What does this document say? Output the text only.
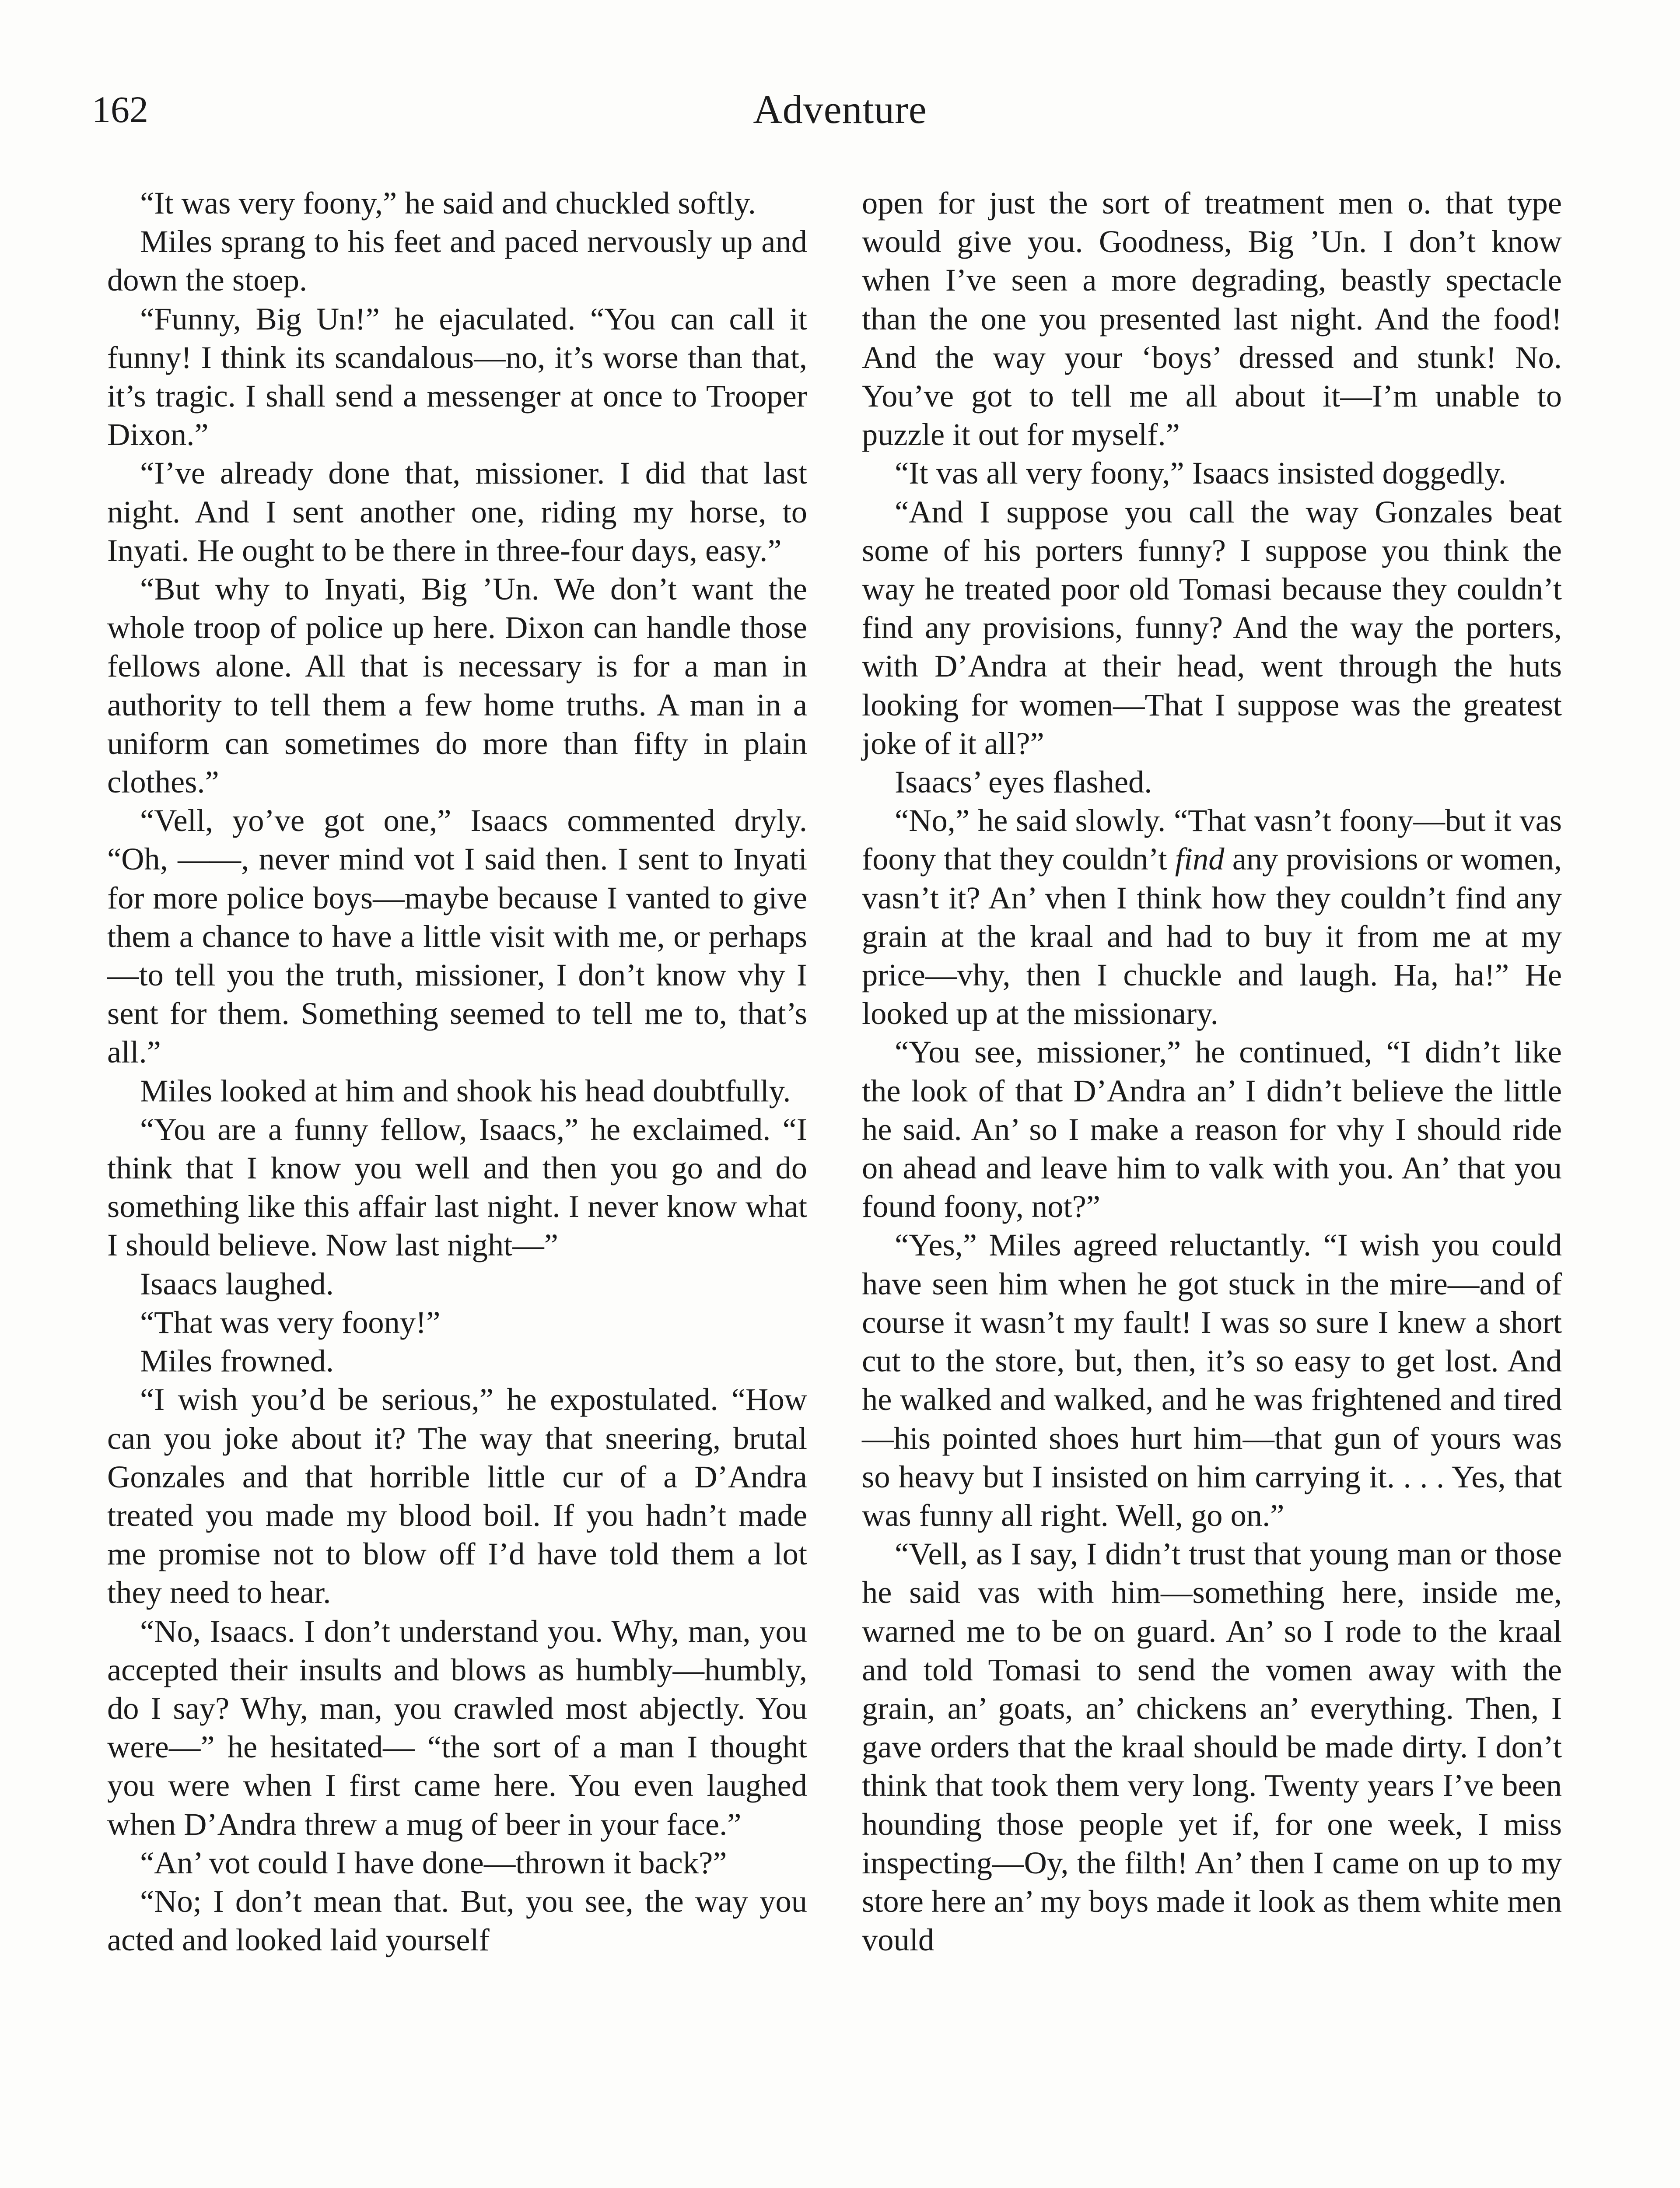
162	Adventure

“It was very foony,” he said and chuckled softly.

Miles sprang to his feet and paced nervously up and down the stoep.

“Funny, Big Un!” he ejaculated. “You can call it funny! I think its scandalous—no, it’s worse than that, it’s tragic. I shall send a messenger at once to Trooper Dixon.”

“I’ve already done that, missioner. I did that last night. And I sent another one, riding my horse, to Inyati. He ought to be there in three-four days, easy.”

“But why to Inyati, Big ’Un. We don’t want the whole troop of police up here. Dixon can handle those fellows alone. All that is necessary is for a man in authority to tell them a few home truths. A man in a uniform can sometimes do more than fifty in plain clothes.”

“Vell, yo’ve got one,” Isaacs commented dryly. “Oh, ——, never mind vot I said then. I sent to Inyati for more police boys—maybe because I vanted to give them a chance to have a little visit with me, or perhaps—to tell you the truth, missioner, I don’t know vhy I sent for them. Something seemed to tell me to, that’s all.”

Miles looked at him and shook his head doubtfully.

“You are a funny fellow, Isaacs,” he exclaimed. “I think that I know you well and then you go and do something like this affair last night. I never know what I should believe. Now last night—”

Isaacs laughed.

“That was very foony!”

Miles frowned.

“I wish you’d be serious,” he expostulated. “How can you joke about it? The way that sneering, brutal Gonzales and that horrible little cur of a D’Andra treated you made my blood boil. If you hadn’t made me promise not to blow off I’d have told them a lot they need to hear.

“No, Isaacs. I don’t understand you. Why, man, you accepted their insults and blows as humbly—humbly, do I say? Why, man, you crawled most abjectly. You were—” he hesitated— “the sort of a man I thought you were when I first came here. You even laughed when D’Andra threw a mug of beer in your face.”

“An’ vot could I have done—thrown it back?”

“No; I don’t mean that. But, you see, the way you acted and looked laid yourself

open for just the sort of treatment men o. that type would give you. Goodness, Big ’Un. I don’t know when I’ve seen a more degrading, beastly spectacle than the one you presented last night. And the food! And the way your ‘boys’ dressed and stunk! No. You’ve got to tell me all about it—I’m unable to puzzle it out for myself.”

“It vas all very foony,” Isaacs insisted doggedly.

“And I suppose you call the way Gonzales beat some of his porters funny? I suppose you think the way he treated poor old Tomasi because they couldn’t find any provisions, funny? And the way the porters, with D’Andra at their head, went through the huts looking for women—That I suppose was the greatest joke of it all?”

Isaacs’ eyes flashed.

“No,” he said slowly. “That vasn’t foony—but it vas foony that they couldn’t find any provisions or women, vasn’t it? An’ vhen I think how they couldn’t find any grain at the kraal and had to buy it from me at my price—vhy, then I chuckle and laugh. Ha, ha!” He looked up at the missionary.

“You see, missioner,” he continued, “I didn’t like the look of that D’Andra an’ I didn’t believe the little he said. An’ so I make a reason for vhy I should ride on ahead and leave him to valk with you. An’ that you found foony, not?”

“Yes,” Miles agreed reluctantly. “I wish you could have seen him when he got stuck in the mire—and of course it wasn’t my fault! I was so sure I knew a short cut to the store, but, then, it’s so easy to get lost. And he walked and walked, and he was frightened and tired—his pointed shoes hurt him—that gun of yours was so heavy but I insisted on him carrying it. . . . Yes, that was funny all right. Well, go on.”

“Vell, as I say, I didn’t trust that young man or those he said vas with him—something here, inside me, warned me to be on guard. An’ so I rode to the kraal and told Tomasi to send the vomen away with the grain, an’ goats, an’ chickens an’ everything. Then, I gave orders that the kraal should be made dirty. I don’t think that took them very long. Twenty years I’ve been hounding those people yet if, for one week, I miss inspecting—Oy, the filth! An’ then I came on up to my store here an’ my boys made it look as them white men vould
